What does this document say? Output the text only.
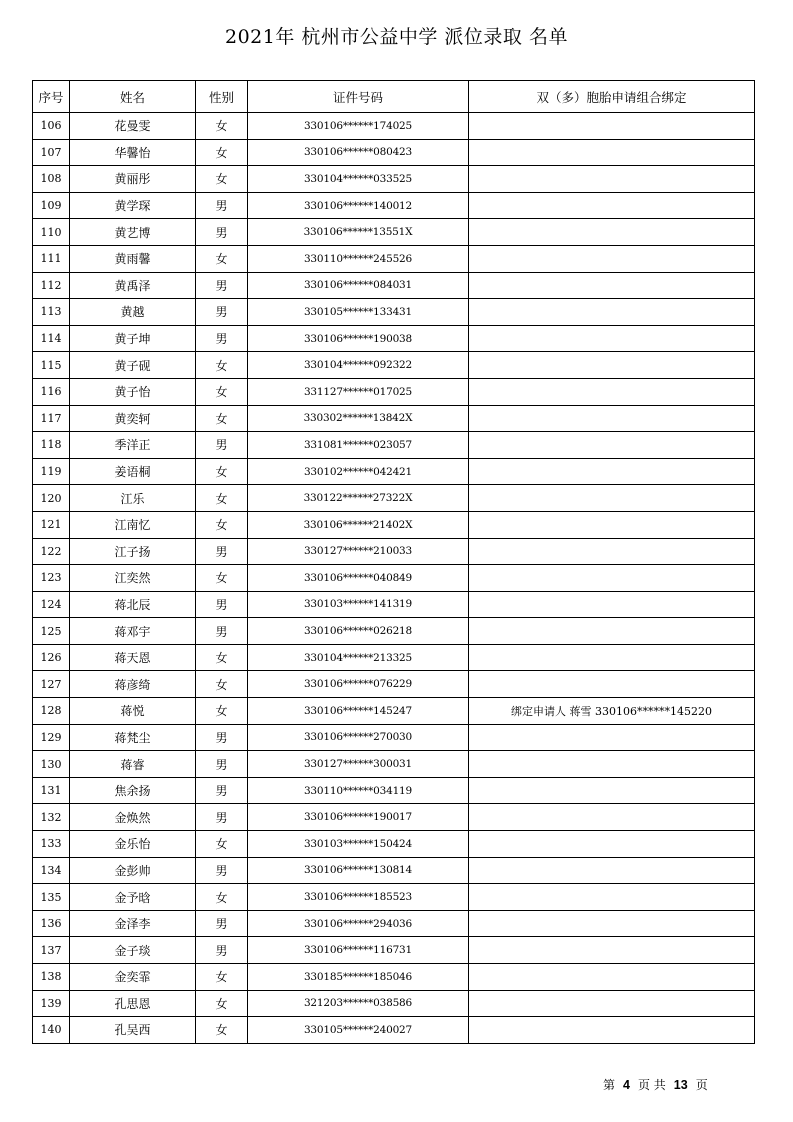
2021年 杭州市公益中学 派位录取 名单
序号	姓名	性别	证件号码	双（多）胞胎申请组合绑定
106	花曼雯	女	330106******174025	
107	华馨怡	女	330106******080423	
108	黄丽彤	女	330104******033525	
109	黄学琛	男	330106******140012	
110	黄艺博	男	330106******13551X	
111	黄雨馨	女	330110******245526	
112	黄禹泽	男	330106******084031	
113	黄越	男	330105******133431	
114	黄子坤	男	330106******190038	
115	黄子砚	女	330104******092322	
116	黄子怡	女	331127******017025	
117	黄奕轲	女	330302******13842X	
118	季洋正	男	331081******023057	
119	姜语桐	女	330102******042421	
120	江乐	女	330122******27322X	
121	江南忆	女	330106******21402X	
122	江子扬	男	330127******210033	
123	江奕然	女	330106******040849	
124	蒋北辰	男	330103******141319	
125	蒋邓宇	男	330106******026218	
126	蒋天恩	女	330104******213325	
127	蒋彦绮	女	330106******076229	
128	蒋悦	女	330106******145247	绑定申请人 蒋雪 330106******145220
129	蒋梵尘	男	330106******270030	
130	蒋睿	男	330127******300031	
131	焦余扬	男	330110******034119	
132	金焕然	男	330106******190017	
133	金乐怡	女	330103******150424	
134	金彭帅	男	330106******130814	
135	金予晗	女	330106******185523	
136	金泽李	男	330106******294036	
137	金子琰	男	330106******116731	
138	金奕霏	女	330185******185046	
139	孔思恩	女	321203******038586	
140	孔吴西	女	330105******240027	
第 4 页 共 13 页
